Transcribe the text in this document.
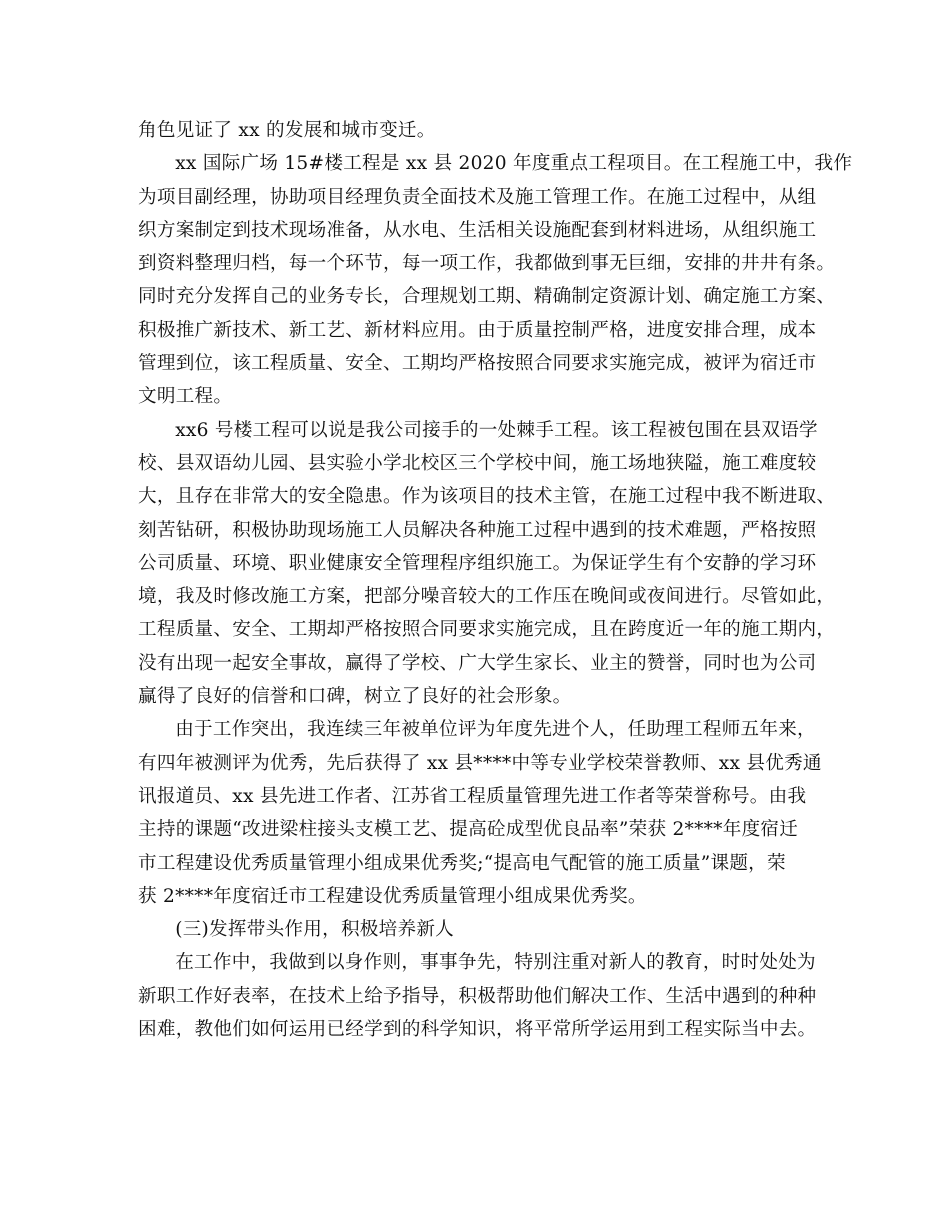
角色见证了 xx 的发展和城市变迁。

xx 国际广场 15#楼工程是 xx 县 2020 年度重点工程项目。在工程施工中，我作
为项目副经理，协助项目经理负责全面技术及施工管理工作。在施工过程中，从组
织方案制定到技术现场准备，从水电、生活相关设施配套到材料进场，从组织施工
到资料整理归档，每一个环节，每一项工作，我都做到事无巨细，安排的井井有条。
同时充分发挥自己的业务专长，合理规划工期、精确制定资源计划、确定施工方案、
积极推广新技术、新工艺、新材料应用。由于质量控制严格，进度安排合理，成本
管理到位，该工程质量、安全、工期均严格按照合同要求实施完成，被评为宿迁市
文明工程。

xx6 号楼工程可以说是我公司接手的一处棘手工程。该工程被包围在县双语学
校、县双语幼儿园、县实验小学北校区三个学校中间，施工场地狭隘，施工难度较
大，且存在非常大的安全隐患。作为该项目的技术主管，在施工过程中我不断进取、
刻苦钻研，积极协助现场施工人员解决各种施工过程中遇到的技术难题，严格按照
公司质量、环境、职业健康安全管理程序组织施工。为保证学生有个安静的学习环
境，我及时修改施工方案，把部分噪音较大的工作压在晚间或夜间进行。尽管如此，
工程质量、安全、工期却严格按照合同要求实施完成，且在跨度近一年的施工期内，
没有出现一起安全事故，赢得了学校、广大学生家长、业主的赞誉，同时也为公司
赢得了良好的信誉和口碑，树立了良好的社会形象。

由于工作突出，我连续三年被单位评为年度先进个人，任助理工程师五年来，
有四年被测评为优秀，先后获得了 xx 县****中等专业学校荣誉教师、xx 县优秀通
讯报道员、xx 县先进工作者、江苏省工程质量管理先进工作者等荣誉称号。由我
主持的课题“改进梁柱接头支模工艺、提高砼成型优良品率”荣获 2****年度宿迁
市工程建设优秀质量管理小组成果优秀奖;“提高电气配管的施工质量”课题，荣
获 2****年度宿迁市工程建设优秀质量管理小组成果优秀奖。

(三)发挥带头作用，积极培养新人

在工作中，我做到以身作则，事事争先，特别注重对新人的教育，时时处处为
新职工作好表率，在技术上给予指导，积极帮助他们解决工作、生活中遇到的种种
困难，教他们如何运用已经学到的科学知识，将平常所学运用到工程实际当中去。
